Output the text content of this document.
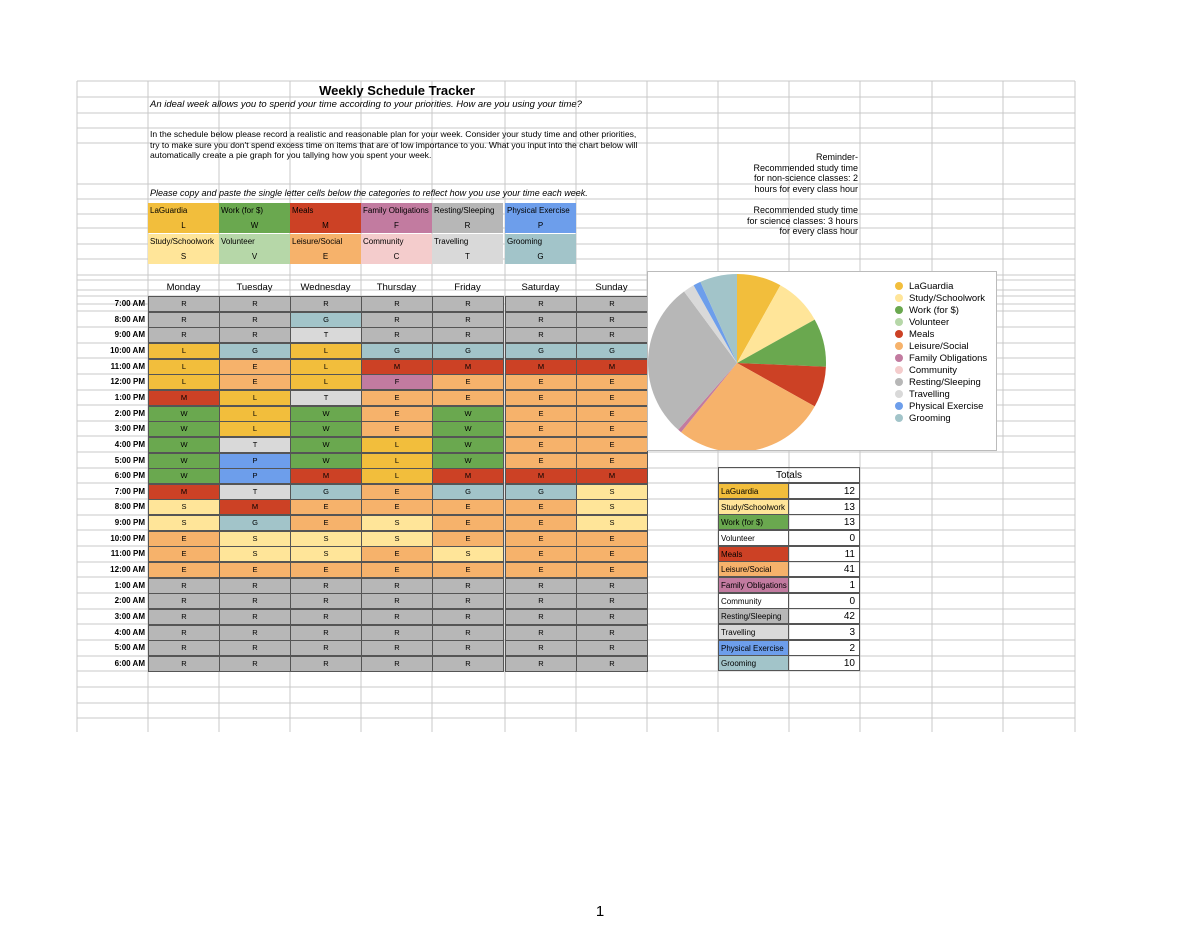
Weekly Schedule Tracker
An ideal week allows you to spend your time according to your priorities. How are you using your time?
In the schedule below please record a realistic and reasonable plan for your week. Consider your study time and other priorities, try to make sure you don't spend excess time on items that are of low importance to you. What you input into the chart below will automatically create a pie graph for you tallying how you spent your week.
Please copy and paste the single letter cells below the categories to reflect how you use your time each week.
Reminder-
Recommended study time
for non-science classes: 2
hours for every class hour

Recommended study time
for science classes: 3 hours
for every class hour
LaGuardia
L
Work (for $)
W
Meals
M
Family Obligations
F
Resting/Sleeping
R
Physical Exercise
P
Study/Schoolwork
S
Volunteer
V
Leisure/Social
E
Community
C
Travelling
T
Grooming
G
Monday	Tuesday	Wednesday	Thursday	Friday	Saturday	Sunday
7:00 AM	R	R	R	R	R	R	R
8:00 AM	R	R	G	R	R	R	R
9:00 AM	R	R	T	R	R	R	R
10:00 AM	L	G	L	G	G	G	G
11:00 AM	L	E	L	M	M	M	M
12:00 PM	L	E	L	F	E	E	E
1:00 PM	M	L	T	E	E	E	E
2:00 PM	W	L	W	E	W	E	E
3:00 PM	W	L	W	E	W	E	E
4:00 PM	W	T	W	L	W	E	E
5:00 PM	W	P	W	L	W	E	E
6:00 PM	W	P	M	L	M	M	M
7:00 PM	M	T	G	E	G	G	S
8:00 PM	S	M	E	E	E	E	S
9:00 PM	S	G	E	S	E	E	S
10:00 PM	E	S	S	S	E	E	E
11:00 PM	E	S	S	E	S	E	E
12:00 AM	E	E	E	E	E	E	E
1:00 AM	R	R	R	R	R	R	R
2:00 AM	R	R	R	R	R	R	R
3:00 AM	R	R	R	R	R	R	R
4:00 AM	R	R	R	R	R	R	R
5:00 AM	R	R	R	R	R	R	R
6:00 AM	R	R	R	R	R	R	R
LaGuardia
Study/Schoolwork
Work (for $)
Volunteer
Meals
Leisure/Social
Family Obligations
Community
Resting/Sleeping
Travelling
Physical Exercise
Grooming
Totals
LaGuardia	12
Study/Schoolwork	13
Work (for $)	13
Volunteer	0
Meals	11
Leisure/Social	41
Family Obligations	1
Community	0
Resting/Sleeping	42
Travelling	3
Physical Exercise	2
Grooming	10
1
